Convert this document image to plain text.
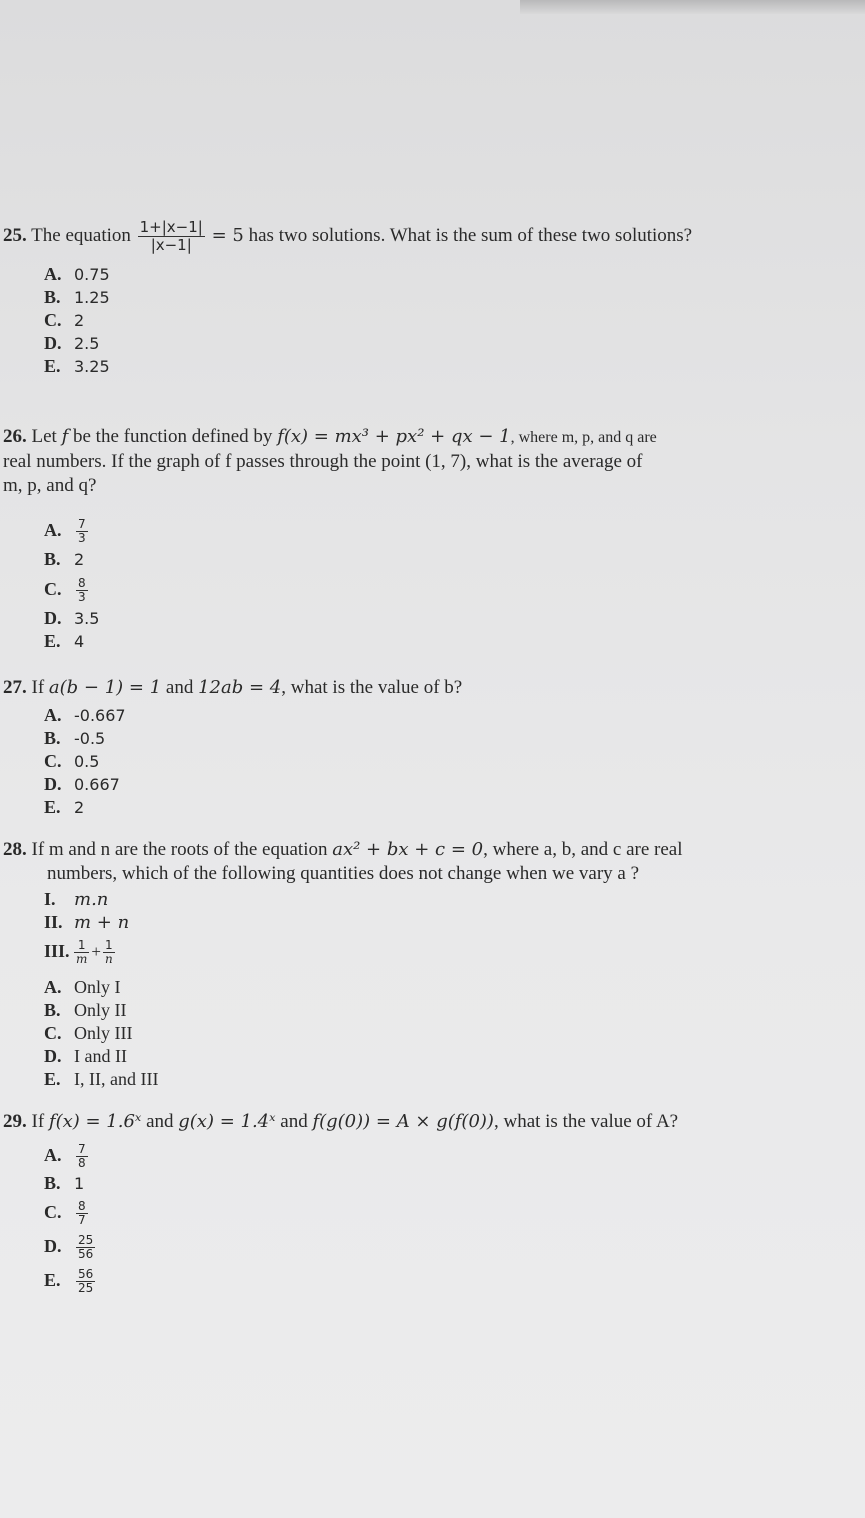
25. The equation $\frac{1+|x-1|}{|x-1|} = 5$ has two solutions. What is the sum of these two solutions?
A. 0.75
B. 1.25
C. 2
D. 2.5
E. 3.25
26. Let f be the function defined by f(x) = mx³ + px² + qx − 1, where m, p, and q are
real numbers. If the graph of f passes through the point (1, 7), what is the average of
m, p, and q?
A. $\frac{7}{3}$
B. 2
C. $\frac{8}{3}$
D. 3.5
E. 4
27. If a(b − 1) = 1 and 12ab = 4, what is the value of b?
A. -0.667
B. -0.5
C. 0.5
D. 0.667
E. 2
28. If m and n are the roots of the equation ax² + bx + c = 0, where a, b, and c are real
numbers, which of the following quantities does not change when we vary a ?
I. m.n
II. m + n
III. $\frac{1}{m} + \frac{1}{n}$
A. Only I
B. Only II
C. Only III
D. I and II
E. I, II, and III
29. If f(x) = 1.6ˣ and g(x) = 1.4ˣ and f(g(0)) = A × g(f(0)), what is the value of A?
A. $\frac{7}{8}$
B. 1
C. $\frac{8}{7}$
D. $\frac{25}{56}$
E. $\frac{56}{25}$
